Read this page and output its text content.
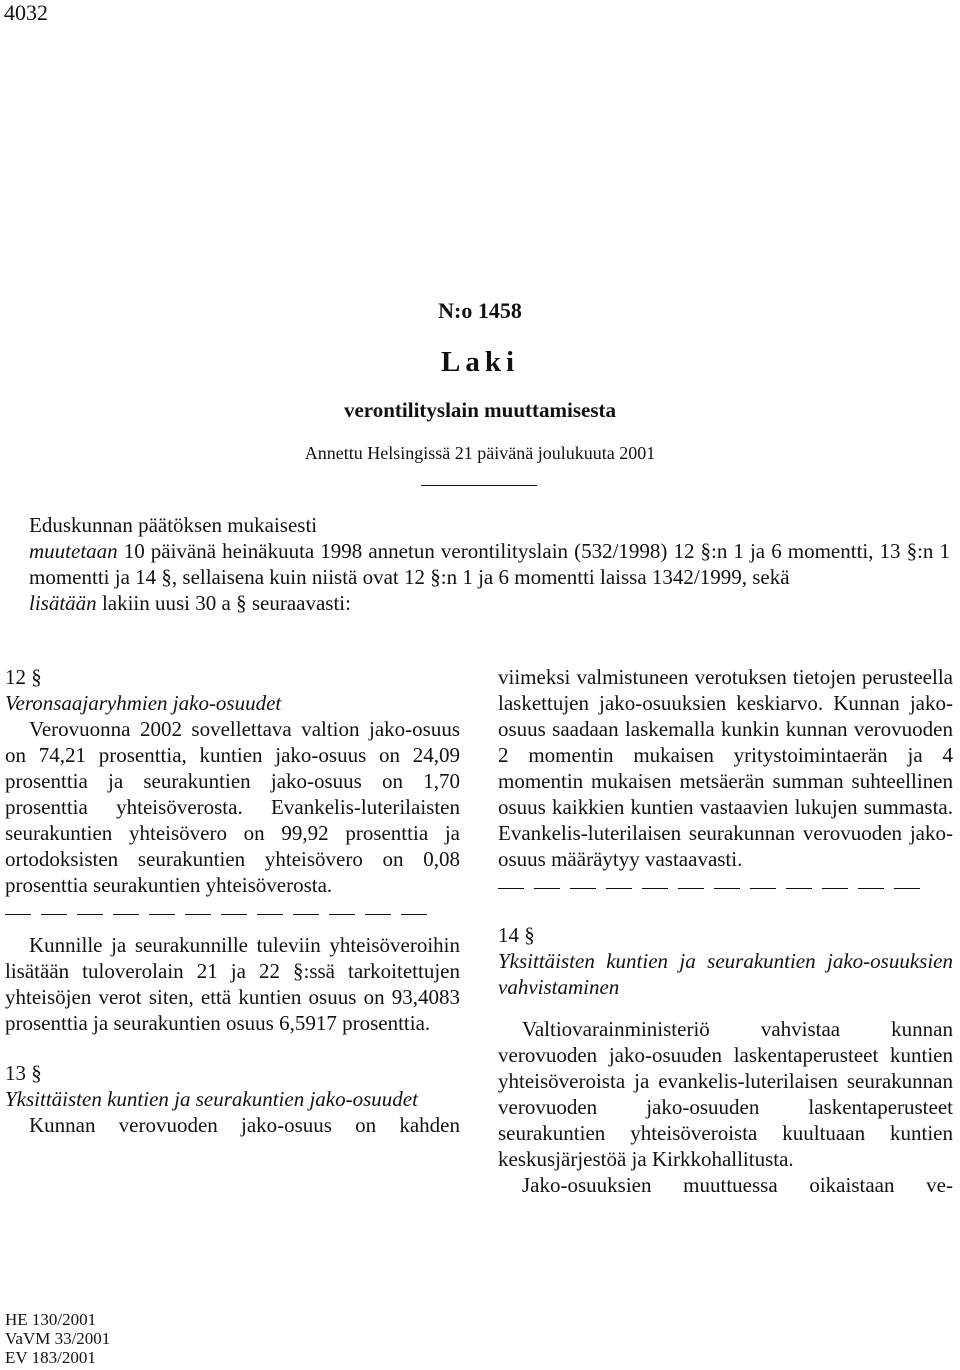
4032
N:o 1458
Laki
verontilityslain muuttamisesta
Annettu Helsingissä 21 päivänä joulukuuta 2001

Eduskunnan päätöksen mukaisesti

muutetaan 10 päivänä heinäkuuta 1998 annetun verontilityslain (532/1998) 12 §:n 1 ja 6 momentti, 13 §:n 1 momentti ja 14 §, sellaisena kuin niistä ovat 12 §:n 1 ja 6 momentti laissa 1342/1999, sekä

lisätään lakiin uusi 30 a § seuraavasti:

12 §

Veronsaajaryhmien jako-osuudet

Verovuonna 2002 sovellettava valtion jako-osuus on 74,21 prosenttia, kuntien jako-osuus on 24,09 prosenttia ja seurakuntien jako-osuus on 1,70 prosenttia yhteisöverosta. Evankelis-luterilaisten seurakuntien yhteisövero on 99,92 prosenttia ja ortodoksisten seurakuntien yhteisövero on 0,08 prosenttia seurakuntien yhteisöverosta.

Kunnille ja seurakunnille tuleviin yhteisöveroihin lisätään tuloverolain 21 ja 22 §:ssä tarkoitettujen yhteisöjen verot siten, että kuntien osuus on 93,4083 prosenttia ja seurakuntien osuus 6,5917 prosenttia.

13 §

Yksittäisten kuntien ja seurakuntien jako-osuudet

Kunnan verovuoden jako-osuus on kahden

viimeksi valmistuneen verotuksen tietojen perusteella laskettujen jako-osuuksien keskiarvo. Kunnan jako-osuus saadaan laskemalla kunkin kunnan verovuoden 2 momentin mukaisen yritystoimintaerän ja 4 momentin mukaisen metsäerän summan suhteellinen osuus kaikkien kuntien vastaavien lukujen summasta. Evankelis-luterilaisen seurakunnan verovuoden jako-osuus määräytyy vastaavasti.

14 §

Yksittäisten kuntien ja seurakuntien jako-osuuksien vahvistaminen

Valtiovarainministeriö vahvistaa kunnan verovuoden jako-osuuden laskentaperusteet kuntien yhteisöveroista ja evankelis-luterilaisen seurakunnan verovuoden jako-osuuden laskentaperusteet seurakuntien yhteisöveroista kuultuaan kuntien keskusjärjestöä ja Kirkkohallitusta.

Jako-osuuksien muuttuessa oikaistaan ve-

HE 130/2001
VaVM 33/2001
EV 183/2001
